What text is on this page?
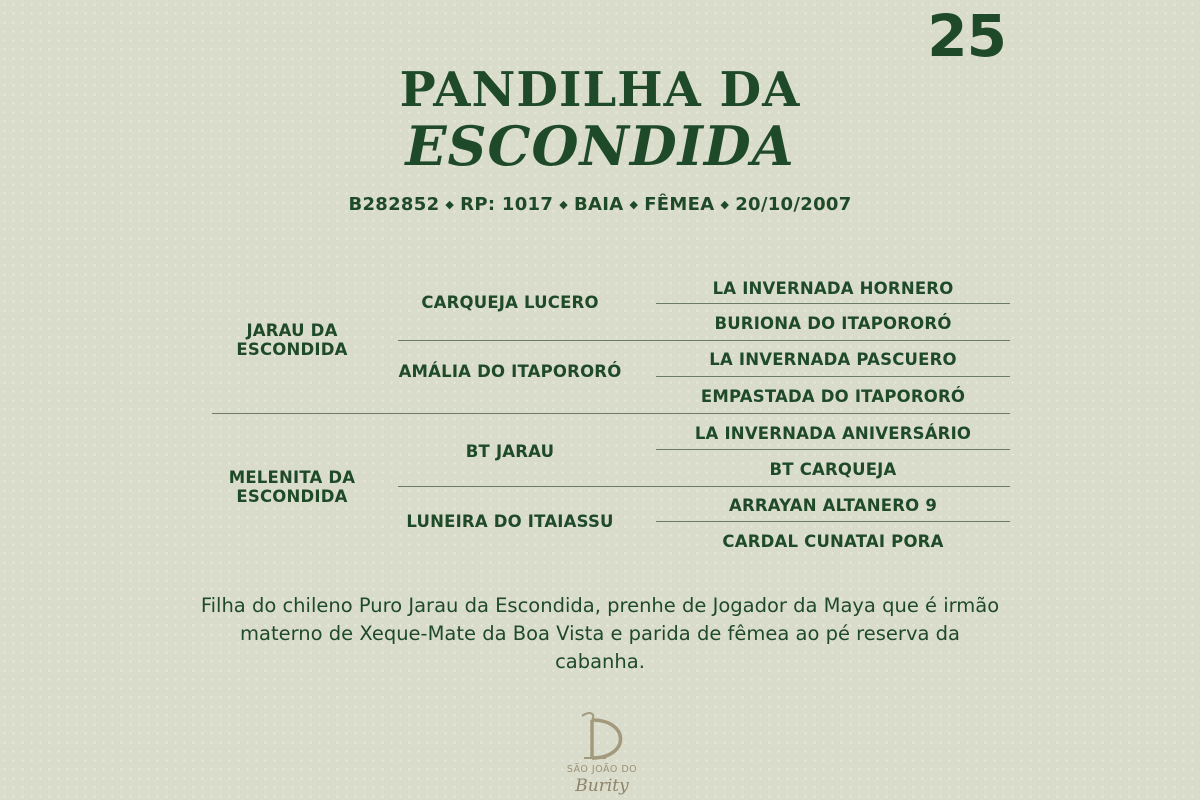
25
PANDILHA DA
ESCONDIDA
B282852 ◆ RP: 1017 ◆ BAIA ◆ FÊMEA ◆ 20/10/2007
JARAU DA ESCONDIDA
MELENITA DA ESCONDIDA
CARQUEJA LUCERO
AMÁLIA DO ITAPORORÓ
BT JARAU
LUNEIRA DO ITAIASSU
LA INVERNADA HORNERO
BURIONA DO ITAPORORÓ
LA INVERNADA PASCUERO
EMPASTADA DO ITAPORORÓ
LA INVERNADA ANIVERSÁRIO
BT CARQUEJA
ARRAYAN ALTANERO 9
CARDAL CUNATAI PORA
Filha do chileno Puro Jarau da Escondida, prenhe de Jogador da Maya que é irmão materno de Xeque-Mate da Boa Vista e parida de fêmea ao pé reserva da cabanha.
SÃO JOÃO DO
Burity
